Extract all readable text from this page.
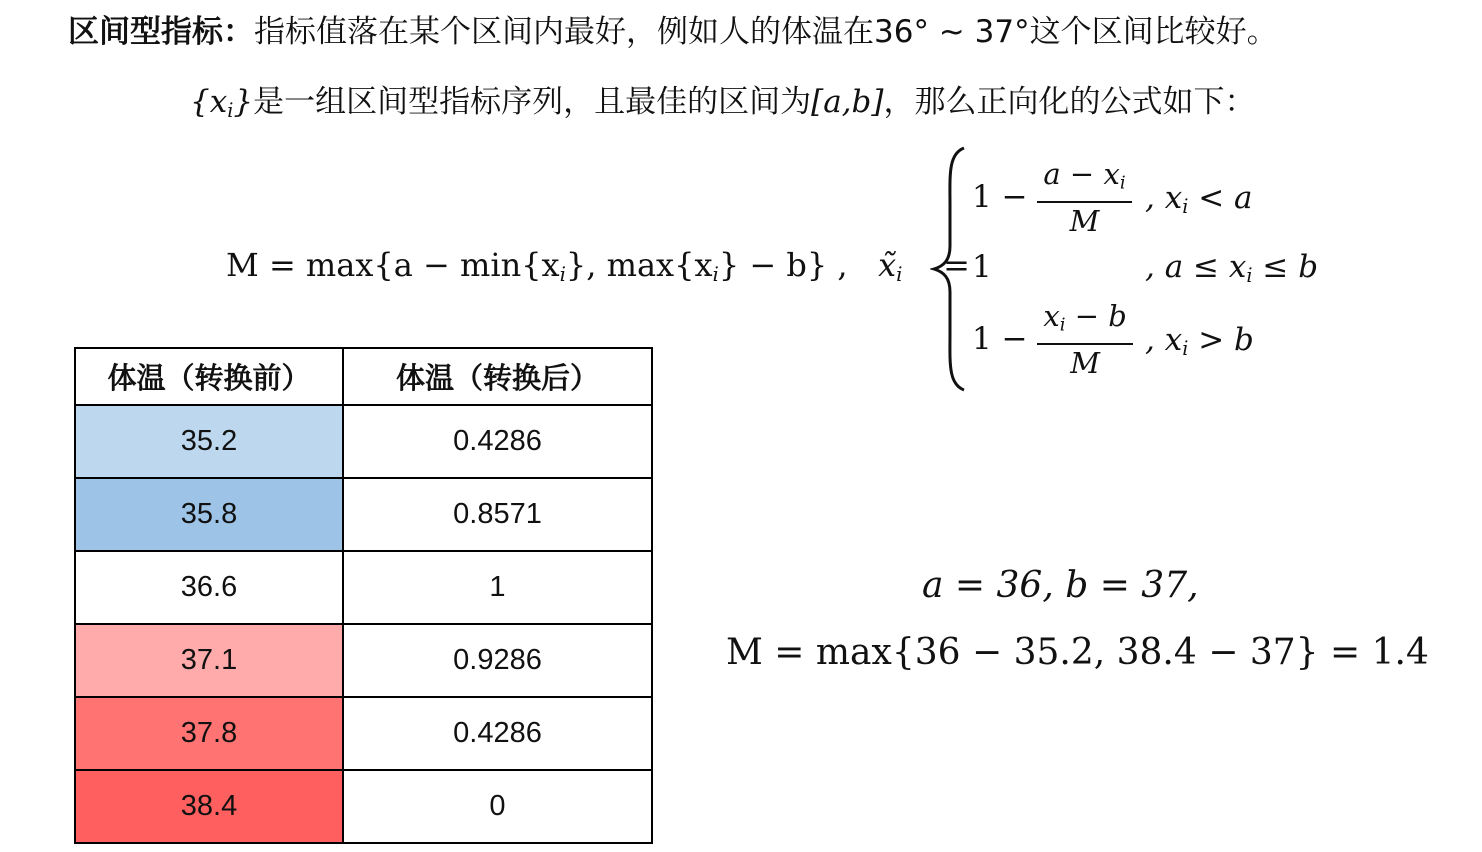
区间型指标：指标值落在某个区间内最好，例如人的体温在36° ~ 37°这个区间比较好。
$\{x_i\}$是一组区间型指标序列，且最佳的区间为[a,b]，那么正向化的公式如下：
$M = \max\{a - \min\{x_i\}$, $\max\{x_i\} - b$} , $x̃_i$ =
$1 - \frac{a - x_i}{M}$ , $x_i < a$
1	, $a \le x_i \le b$
$1 - \frac{x_i - b}{M}$ , $x_i > b$
体温（转换前）	体温（转换后）
35.2	0.4286
35.8	0.8571
36.6	1
37.1	0.9286
37.8	0.4286
38.4	0
a = 36, b = 37,
M = max{36 − 35.2, 38.4 − 37} = 1.4
